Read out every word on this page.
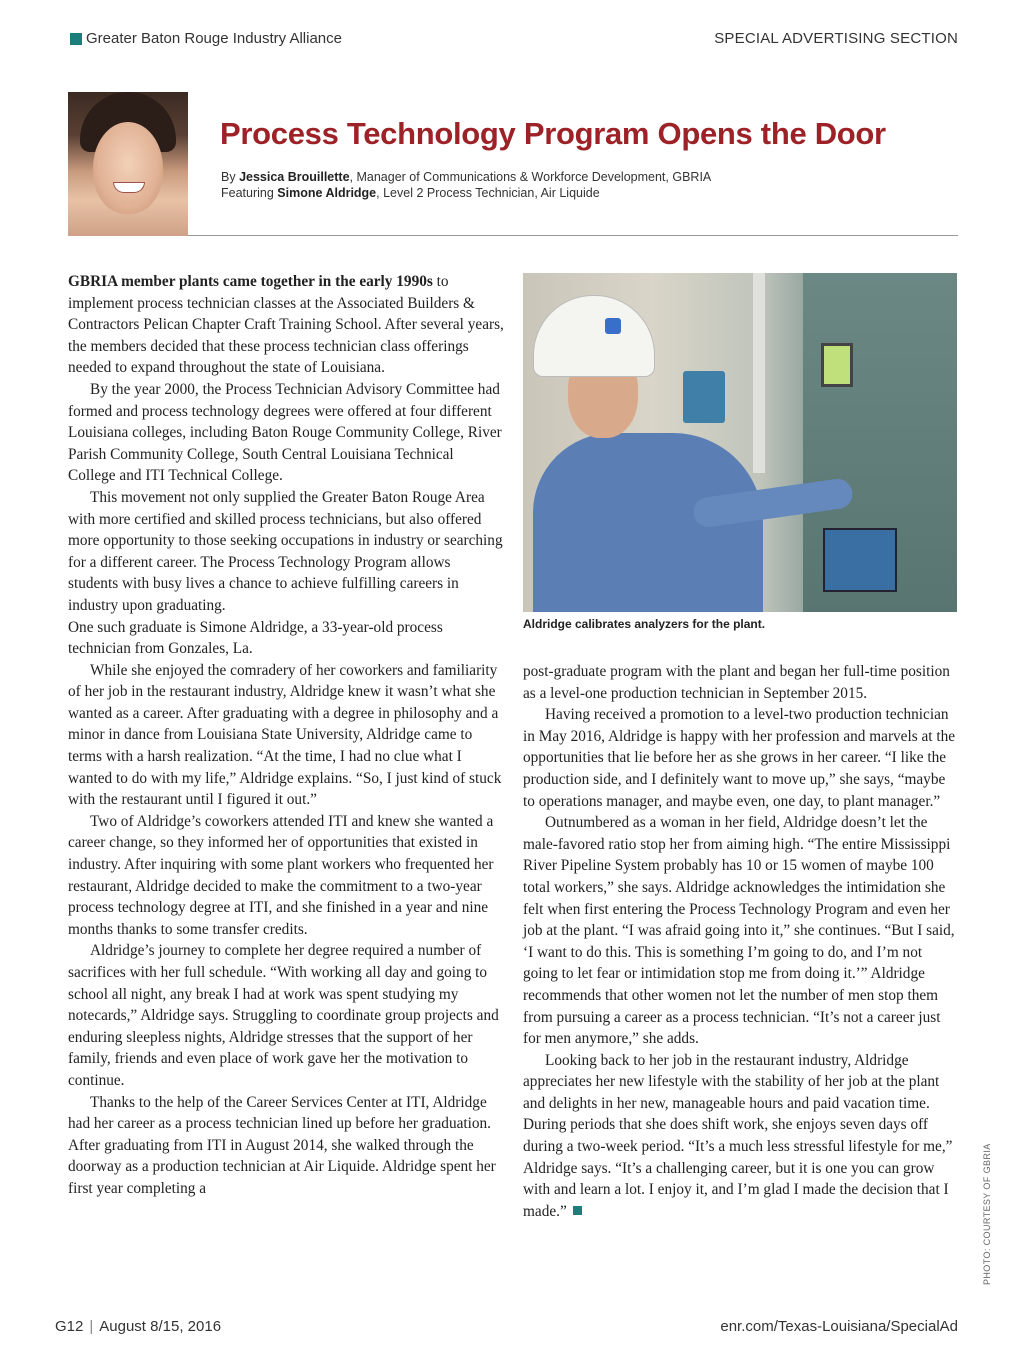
Greater Baton Rouge Industry Alliance	SPECIAL ADVERTISING SECTION
Process Technology Program Opens the Door
By Jessica Brouillette, Manager of Communications & Workforce Development, GBRIA
Featuring Simone Aldridge, Level 2 Process Technician, Air Liquide

GBRIA member plants came together in the early 1990s to implement process technician classes at the Associated Builders & Contractors Pelican Chapter Craft Training School. After several years, the members decided that these process technician class offerings needed to expand throughout the state of Louisiana.

By the year 2000, the Process Technician Advisory Committee had formed and process technology degrees were offered at four different Louisiana colleges, including Baton Rouge Community College, River Parish Community College, South Central Louisiana Technical College and ITI Technical College.

This movement not only supplied the Greater Baton Rouge Area with more certified and skilled process technicians, but also offered more opportunity to those seeking occupations in industry or searching for a different career. The Process Technology Program allows students with busy lives a chance to achieve fulfilling careers in industry upon graduating.

One such graduate is Simone Aldridge, a 33-year-old process technician from Gonzales, La.

While she enjoyed the comradery of her coworkers and familiarity of her job in the restaurant industry, Aldridge knew it wasn’t what she wanted as a career. After graduating with a degree in philosophy and a minor in dance from Louisiana State University, Aldridge came to terms with a harsh realization. “At the time, I had no clue what I wanted to do with my life,” Aldridge explains. “So, I just kind of stuck with the restaurant until I figured it out.”

Two of Aldridge’s coworkers attended ITI and knew she wanted a career change, so they informed her of opportunities that existed in industry. After inquiring with some plant workers who frequented her restaurant, Aldridge decided to make the commitment to a two-year process technology degree at ITI, and she finished in a year and nine months thanks to some transfer credits.

Aldridge’s journey to complete her degree required a number of sacrifices with her full schedule. “With working all day and going to school all night, any break I had at work was spent studying my notecards,” Aldridge says. Struggling to coordinate group projects and enduring sleepless nights, Aldridge stresses that the support of her family, friends and even place of work gave her the motivation to continue.

Thanks to the help of the Career Services Center at ITI, Aldridge had her career as a process technician lined up before her graduation. After graduating from ITI in August 2014, she walked through the doorway as a production technician at Air Liquide. Aldridge spent her first year completing a

Aldridge calibrates analyzers for the plant.

post-graduate program with the plant and began her full-time position as a level-one production technician in September 2015.

Having received a promotion to a level-two production technician in May 2016, Aldridge is happy with her profession and marvels at the opportunities that lie before her as she grows in her career. “I like the production side, and I definitely want to move up,” she says, “maybe to operations manager, and maybe even, one day, to plant manager.”

Outnumbered as a woman in her field, Aldridge doesn’t let the male-favored ratio stop her from aiming high. “The entire Mississippi River Pipeline System probably has 10 or 15 women of maybe 100 total workers,” she says. Aldridge acknowledges the intimidation she felt when first entering the Process Technology Program and even her job at the plant. “I was afraid going into it,” she continues. “But I said, ‘I want to do this. This is something I’m going to do, and I’m not going to let fear or intimidation stop me from doing it.’” Aldridge recommends that other women not let the number of men stop them from pursuing a career as a process technician. “It’s not a career just for men anymore,” she adds.

Looking back to her job in the restaurant industry, Aldridge appreciates her new lifestyle with the stability of her job at the plant and delights in her new, manageable hours and paid vacation time. During periods that she does shift work, she enjoys seven days off during a two-week period. “It’s a much less stressful lifestyle for me,” Aldridge says. “It’s a challenging career, but it is one you can grow with and learn a lot. I enjoy it, and I’m glad I made the decision that I made.”	PHOTO: COURTESY OF GBRIA
G12 | August 8/15, 2016	enr.com/Texas-Louisiana/SpecialAd
